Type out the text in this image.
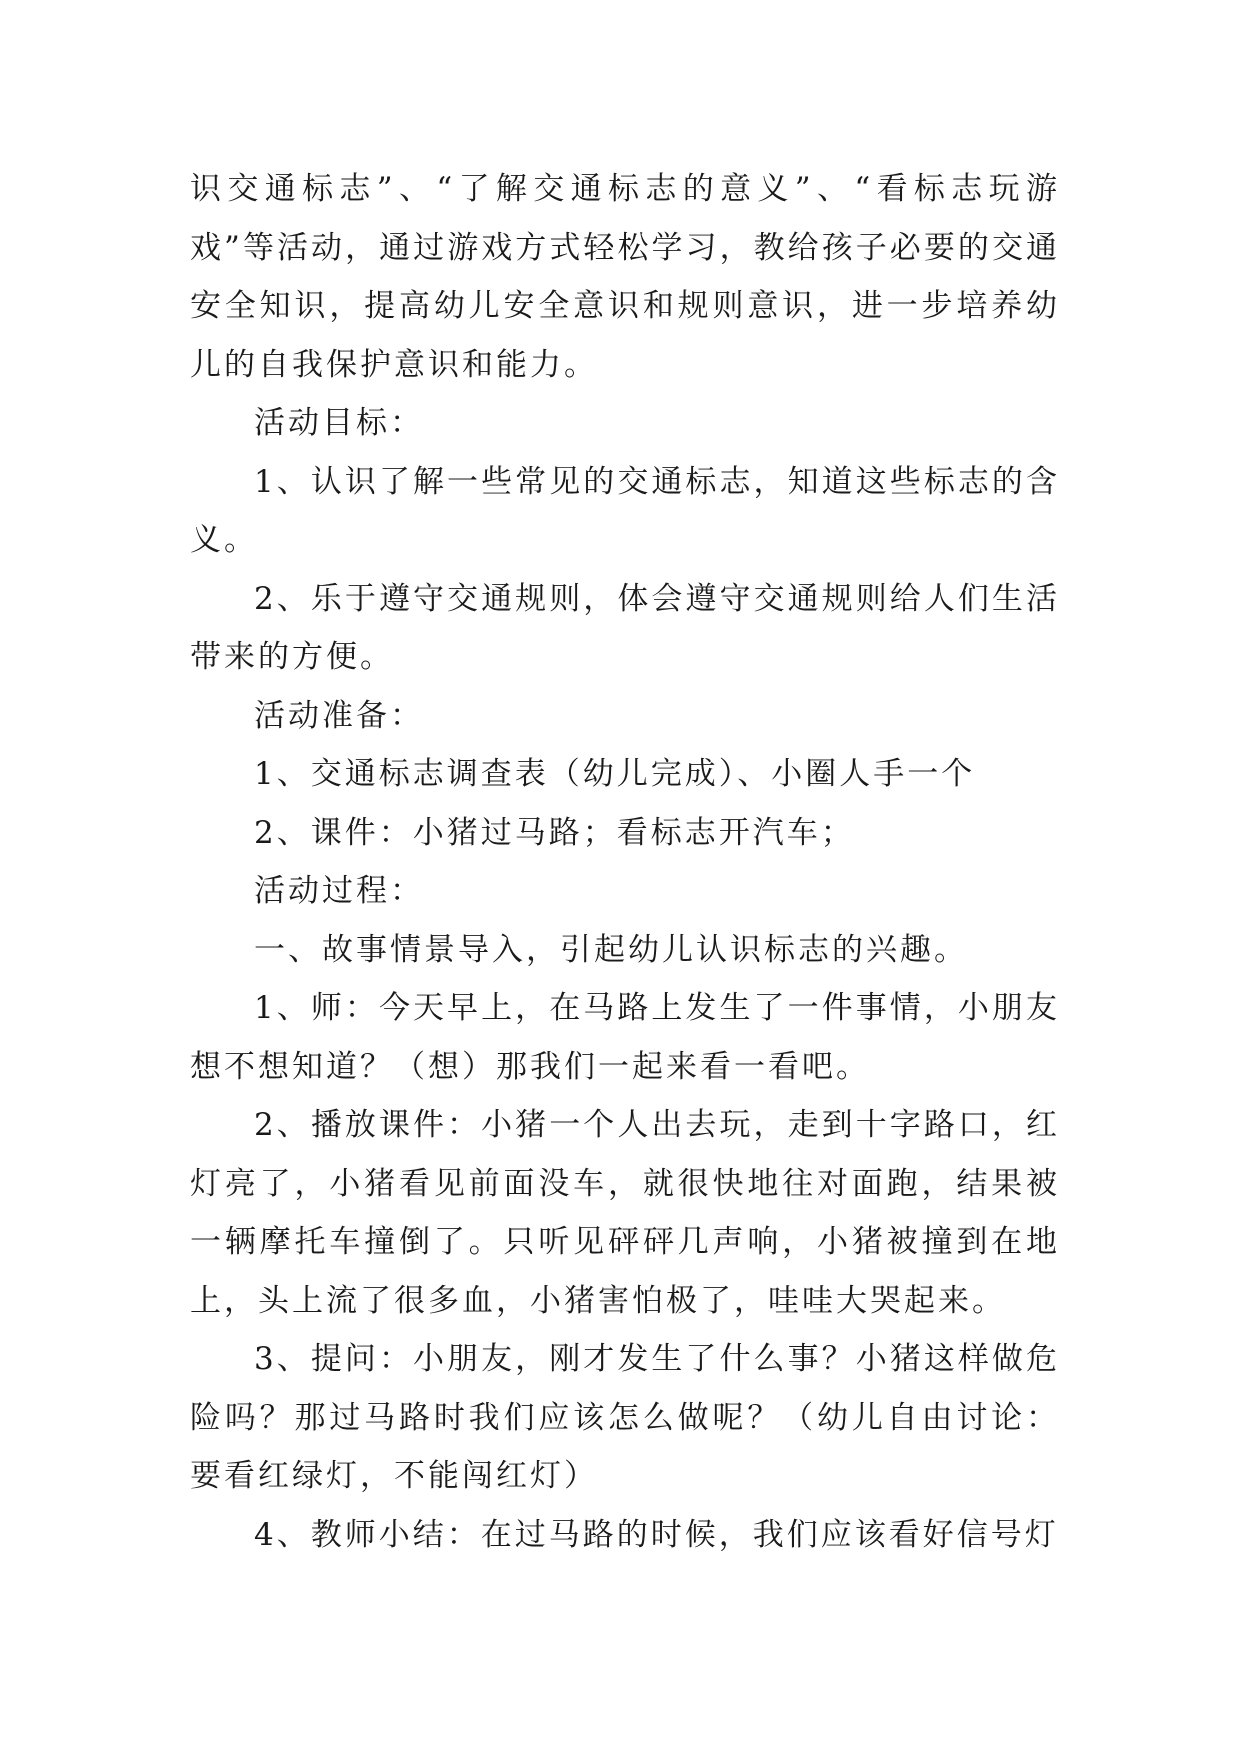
识交通标志”、“了解交通标志的意义”、“看标志玩游戏”等活动，通过游戏方式轻松学习，教给孩子必要的交通安全知识，提高幼儿安全意识和规则意识，进一步培养幼儿的自我保护意识和能力。

活动目标：

1、认识了解一些常见的交通标志，知道这些标志的含义。

2、乐于遵守交通规则，体会遵守交通规则给人们生活带来的方便。

活动准备：

1、交通标志调查表（幼儿完成）、小圈人手一个

2、课件：小猪过马路；看标志开汽车；

活动过程：

一、故事情景导入，引起幼儿认识标志的兴趣。

1、师：今天早上，在马路上发生了一件事情，小朋友想不想知道？（想）那我们一起来看一看吧。

2、播放课件：小猪一个人出去玩，走到十字路口，红灯亮了，小猪看见前面没车，就很快地往对面跑，结果被一辆摩托车撞倒了。只听见砰砰几声响，小猪被撞到在地上，头上流了很多血，小猪害怕极了，哇哇大哭起来。

3、提问：小朋友，刚才发生了什么事？小猪这样做危险吗？那过马路时我们应该怎么做呢？（幼儿自由讨论：要看红绿灯，不能闯红灯）

4、教师小结：在过马路的时候，我们应该看好信号灯
